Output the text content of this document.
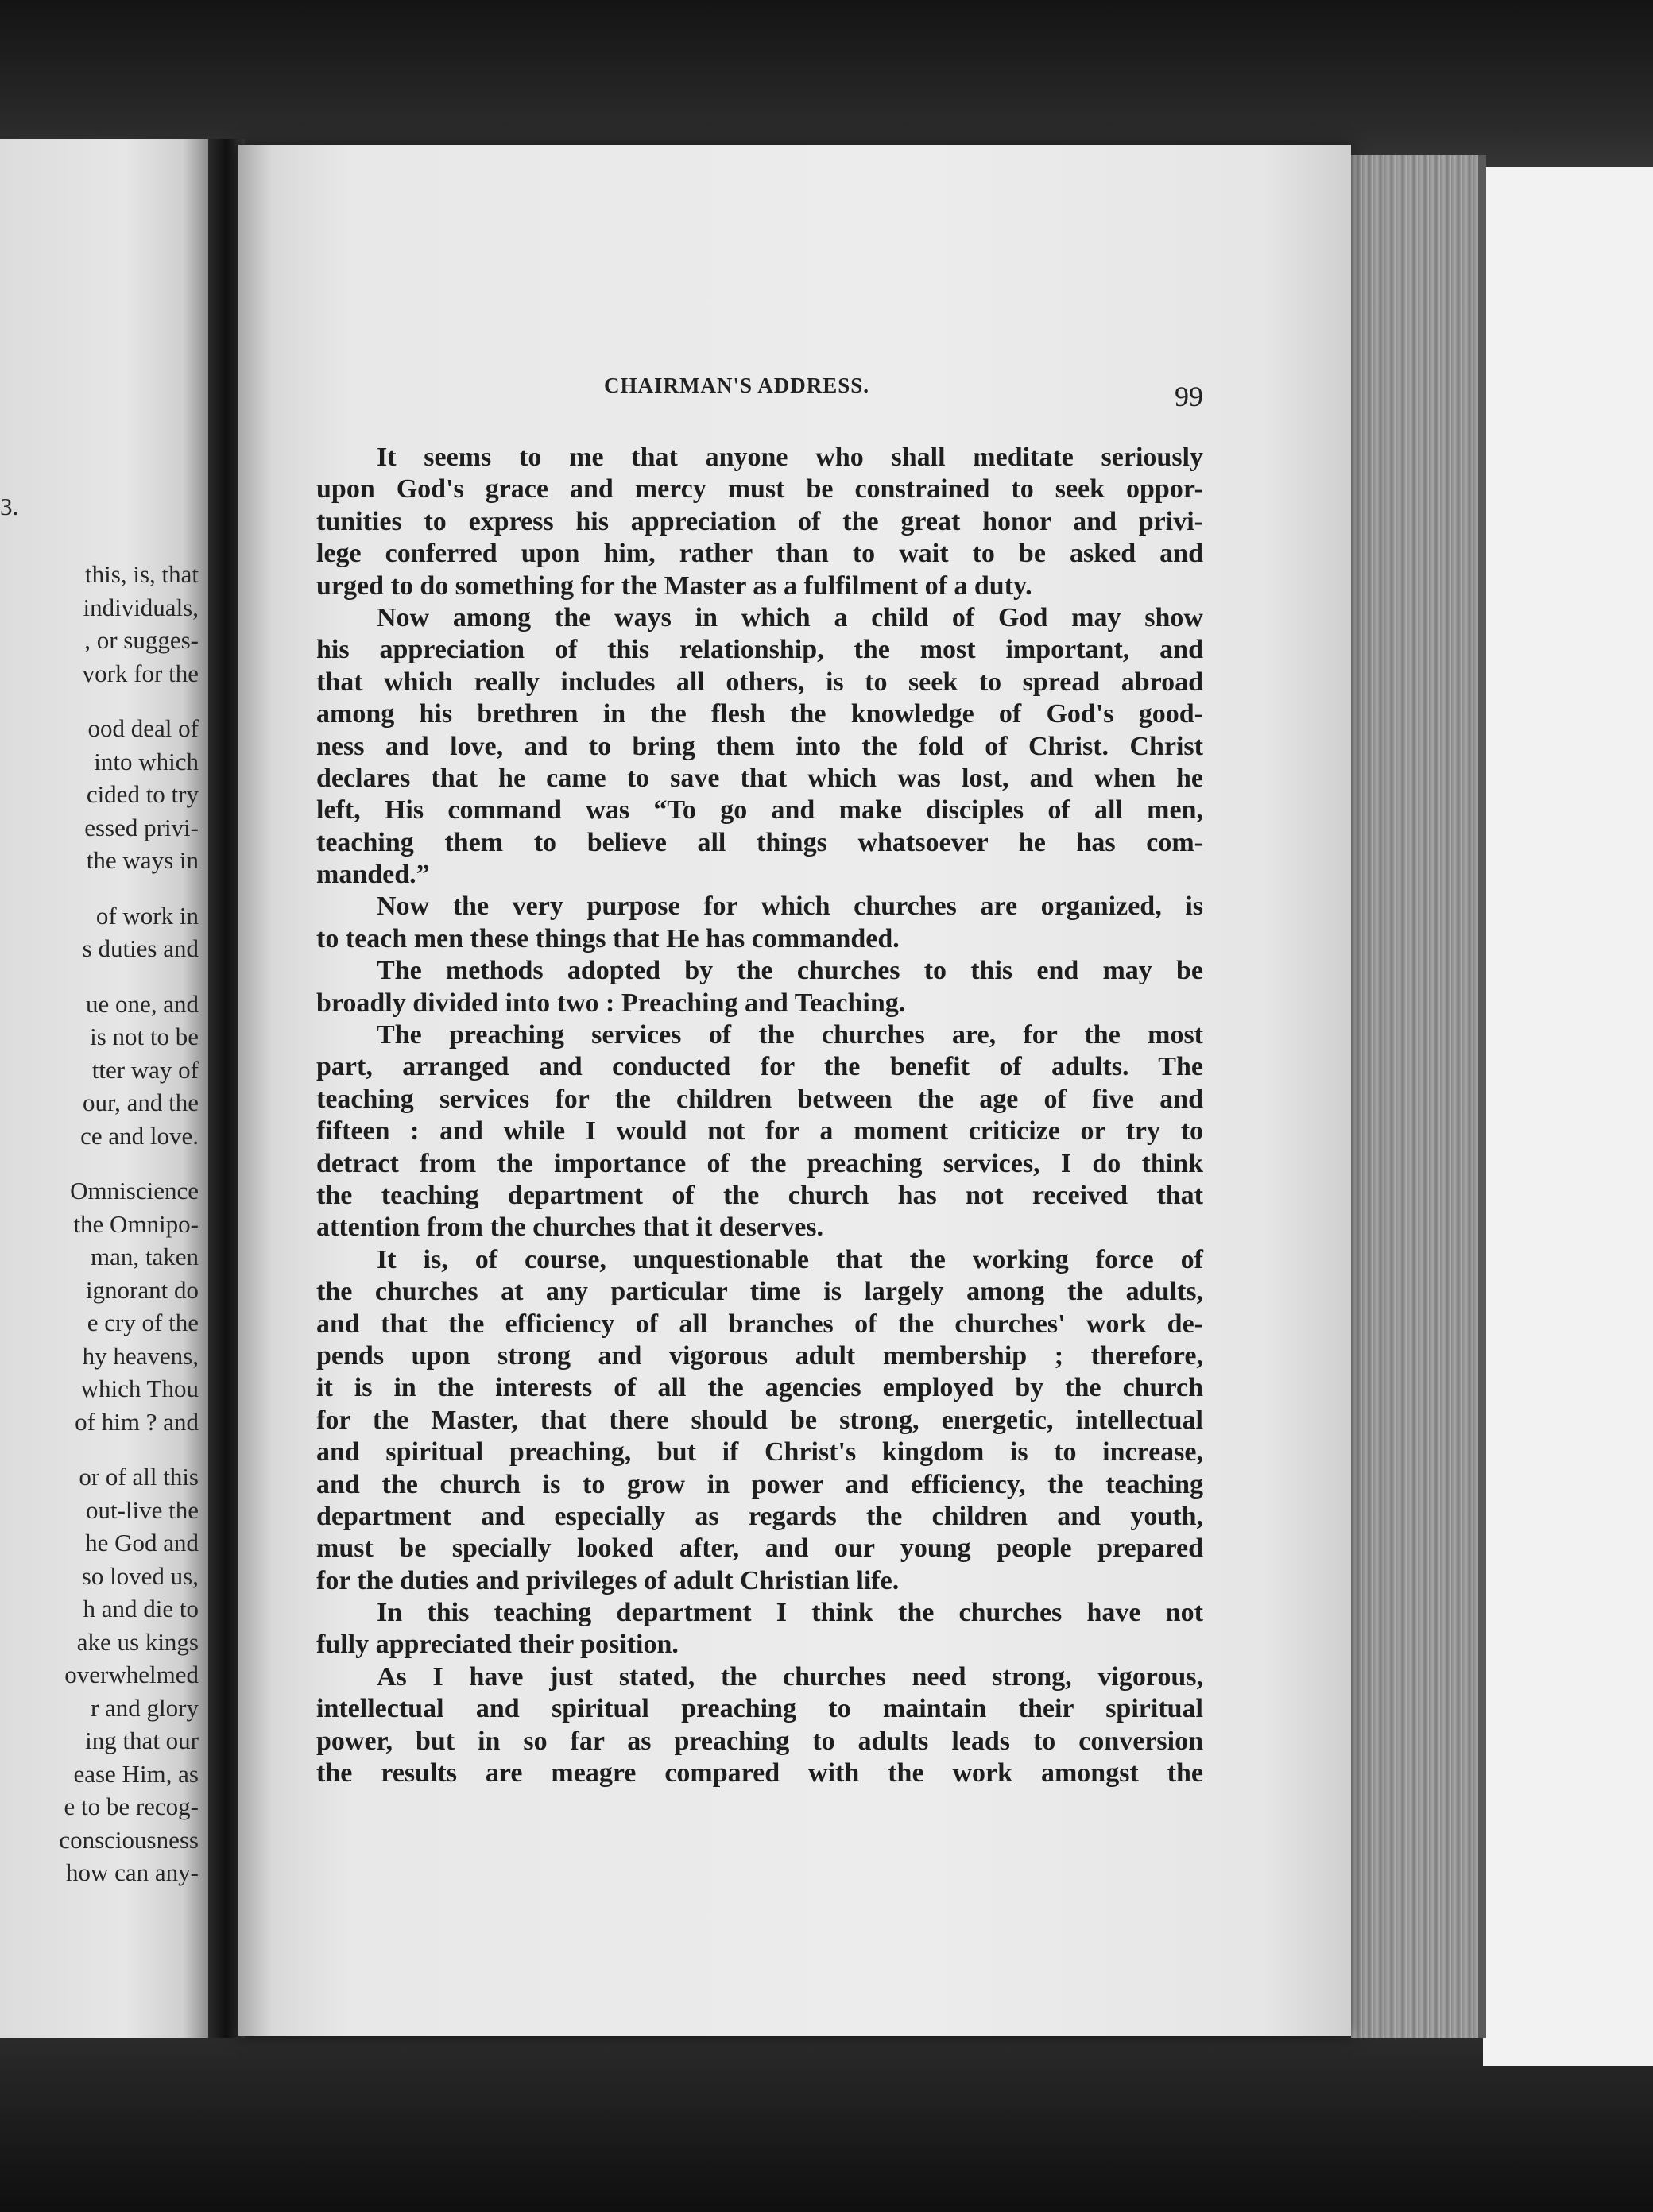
3.
this, is, that
individuals,
, or sugges-
vork for the
ood deal of
into which
cided to try
essed privi-
the ways in
of work in
s duties and
ue one, and
is not to be
tter way of
our, and the
ce and love.
Omniscience
the Omnipo-
man, taken
ignorant do
e cry of the
hy heavens,
which Thou
of him ? and
or of all this
out-live the
he God and
so loved us,
h and die to
ake us kings
overwhelmed
r and glory
ing that our
ease Him, as
e to be recog-
consciousness
how can any-
CHAIRMAN'S ADDRESS.	99
It seems to me that anyone who shall meditate seriously
upon God's grace and mercy must be constrained to seek oppor-
tunities to express his appreciation of the great honor and privi-
lege conferred upon him, rather than to wait to be asked and
urged to do something for the Master as a fulfilment of a duty.
Now among the ways in which a child of God may show
his appreciation of this relationship, the most important, and
that which really includes all others, is to seek to spread abroad
among his brethren in the flesh the knowledge of God's good-
ness and love, and to bring them into the fold of Christ. Christ
declares that he came to save that which was lost, and when he
left, His command was “To go and make disciples of all men,
teaching them to believe all things whatsoever he has com-
manded.”
Now the very purpose for which churches are organized, is
to teach men these things that He has commanded.
The methods adopted by the churches to this end may be
broadly divided into two : Preaching and Teaching.
The preaching services of the churches are, for the most
part, arranged and conducted for the benefit of adults. The
teaching services for the children between the age of five and
fifteen : and while I would not for a moment criticize or try to
detract from the importance of the preaching services, I do think
the teaching department of the church has not received that
attention from the churches that it deserves.
It is, of course, unquestionable that the working force of
the churches at any particular time is largely among the adults,
and that the efficiency of all branches of the churches' work de-
pends upon strong and vigorous adult membership ; therefore,
it is in the interests of all the agencies employed by the church
for the Master, that there should be strong, energetic, intellectual
and spiritual preaching, but if Christ's kingdom is to increase,
and the church is to grow in power and efficiency, the teaching
department and especially as regards the children and youth,
must be specially looked after, and our young people prepared
for the duties and privileges of adult Christian life.
In this teaching department I think the churches have not
fully appreciated their position.
As I have just stated, the churches need strong, vigorous,
intellectual and spiritual preaching to maintain their spiritual
power, but in so far as preaching to adults leads to conversion
the results are meagre compared with the work amongst the
